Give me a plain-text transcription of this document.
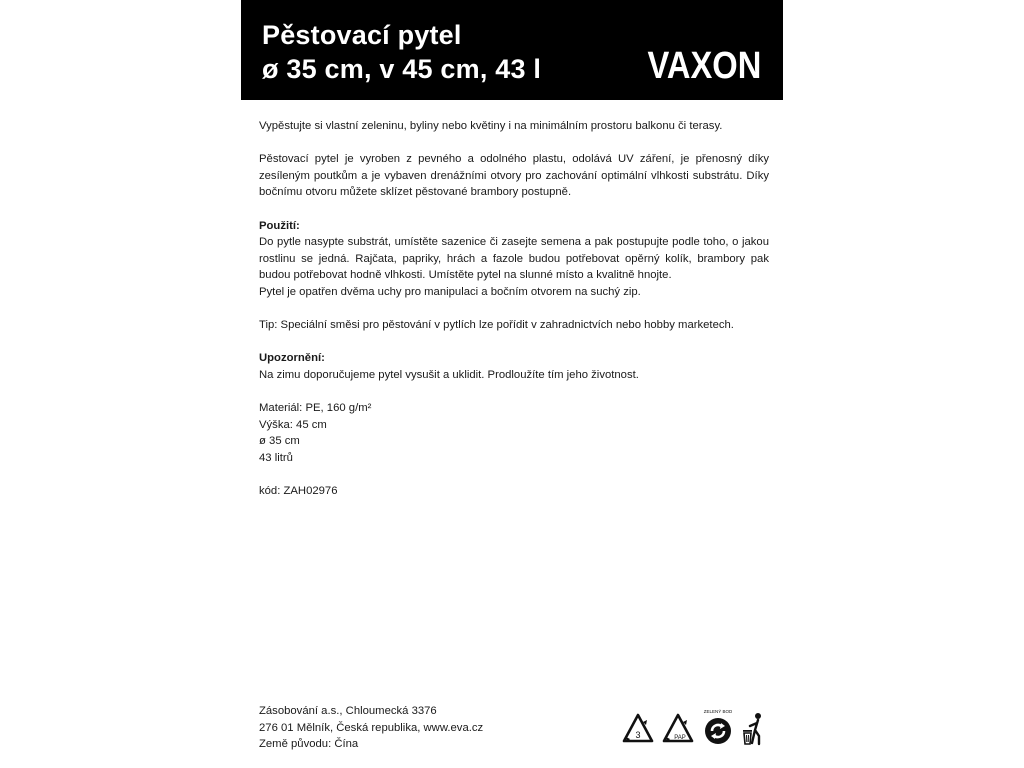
Pěstovací pytel
ø 35 cm, v 45 cm, 43 l	VAXON

Vypěstujte si vlastní zeleninu, byliny nebo květiny i na minimálním prostoru balkonu či terasy.

Pěstovací pytel je vyroben z pevného a odolného plastu, odolává UV záření, je přenosný díky zesíleným poutkům a je vybaven drenážními otvory pro zachování optimální vlhkosti substrátu. Díky bočnímu otvoru můžete sklízet pěstované brambory postupně.

Použití:
Do pytle nasypte substrát, umístěte sazenice či zasejte semena a pak postupujte podle toho, o jakou rostlinu se jedná. Rajčata, papriky, hrách a fazole budou potřebovat opěrný kolík, brambory pak budou potřebovat hodně vlhkosti. Umístěte pytel na slunné místo a kvalitně hnojte.
Pytel je opatřen dvěma uchy pro manipulaci a bočním otvorem na suchý zip.

Tip: Speciální směsi pro pěstování v pytlích lze pořídit v zahradnictvích nebo hobby marketech.

Upozornění:
Na zimu doporučujeme pytel vysušit a uklidit. Prodloužíte tím jeho životnost.

Materiál: PE, 160 g/m²
Výška: 45 cm
ø 35 cm
43 litrů

kód: ZAH02976

Zásobování a.s., Chloumecká 3376
276 01 Mělník, Česká republika, www.eva.cz
Země původu: Čína
3	PAP
ZELENÝ BOD
